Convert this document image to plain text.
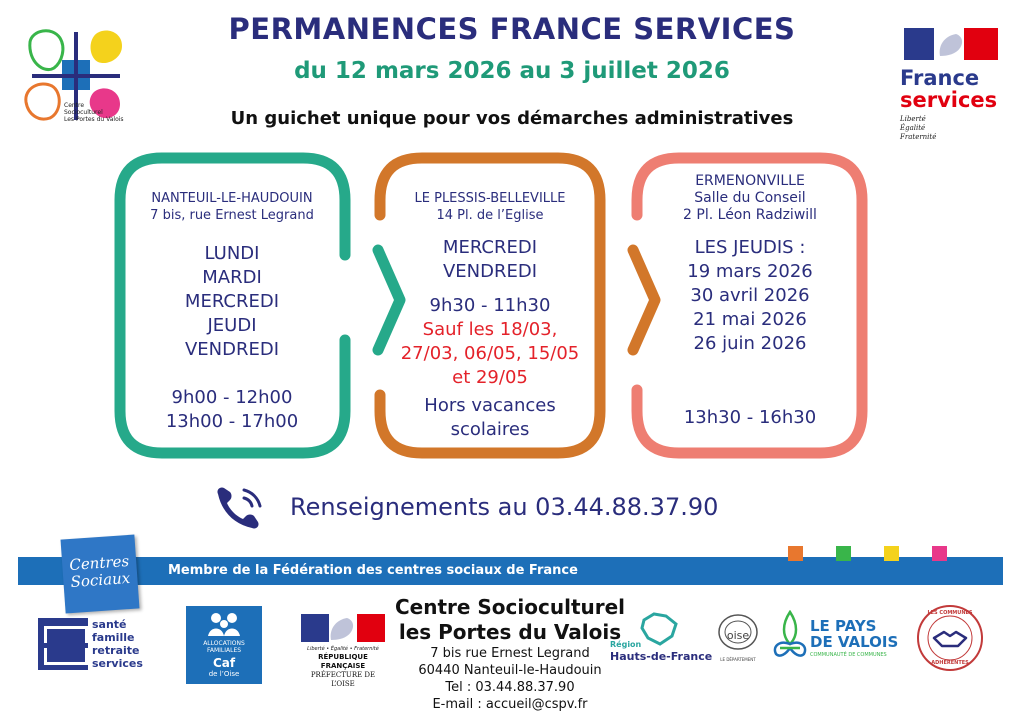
PERMANENCES FRANCE SERVICES
du 12 mars 2026 au 3 juillet 2026
Un guichet unique pour vos démarches administratives
Centre
Socioculturel
Les Portes du Valois
France
services
Liberté
Égalité
Fraternité
NANTEUIL-LE-HAUDOUIN
7 bis, rue Ernest Legrand
LUNDI
MARDI
MERCREDI
JEUDI
VENDREDI
9h00 - 12h00
13h00 - 17h00
LE PLESSIS-BELLEVILLE
14 Pl. de l’Eglise
MERCREDI
VENDREDI
9h30 - 11h30
Sauf les 18/03,
27/03, 06/05, 15/05
et 29/05
Hors vacances
scolaires
ERMENONVILLE
Salle du Conseil
2 Pl. Léon Radziwill
LES JEUDIS :
19 mars 2026
30 avril 2026
21 mai 2026
26 juin 2026
13h30 - 16h30
Renseignements au 03.44.88.37.90
Membre de la Fédération des centres sociaux de France
Centres Sociaux
santé
famille
retraite
services
ALLOCATIONS
FAMILIALES
Caf
de l’Oise
Liberté • Égalité • Fraternité
RÉPUBLIQUE FRANÇAISE
PRÉFECTURE DE L’OISE
Centre Socioculturel
les Portes du Valois
7 bis rue Ernest Legrand
60440 Nanteuil-le-Haudouin
Tel : 03.44.88.37.90
E-mail : accueil@cspv.fr
Région
Hauts-de-France
oise
LE DÉPARTEMENT
LE PAYS
DE VALOIS
COMMUNAUTÉ DE COMMUNES
LES COMMUNES
ADHÉRENTES
